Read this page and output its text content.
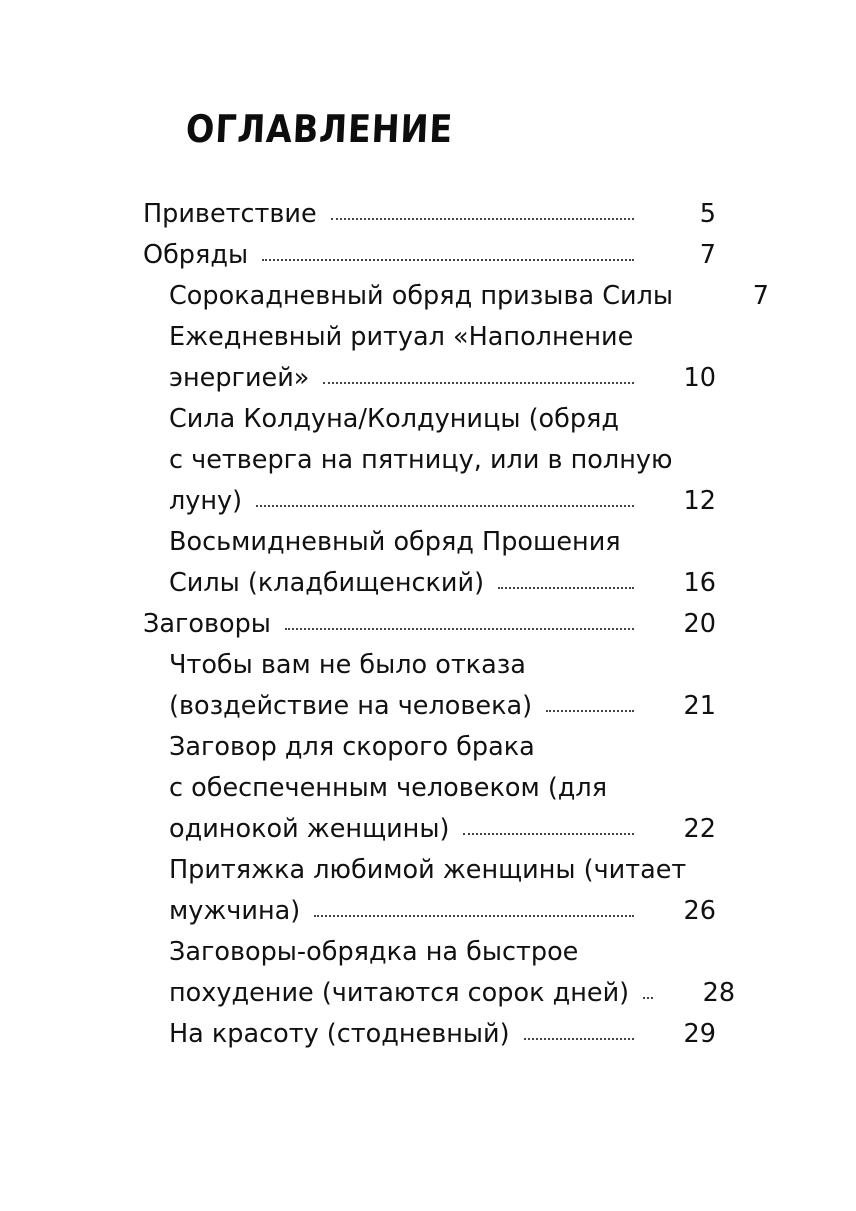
ОГЛАВЛЕНИЕ
Приветствие	5
Обряды	7
Сорокадневный обряд призыва Силы	7
Ежедневный ритуал «Наполнение
энергией»	10
Сила Колдуна/Колдуницы (обряд
с четверга на пятницу, или в полную
луну)	12
Восьмидневный обряд Прошения
Силы (кладбищенский)	16
Заговоры	20
Чтобы вам не было отказа
(воздействие на человека)	21
Заговор для скорого брака
с обеспеченным человеком (для
одинокой женщины)	22
Притяжка любимой женщины (читает
мужчина)	26
Заговоры-обрядка на быстрое
похудение (читаются сорок дней)	28
На красоту (стодневный)	29
